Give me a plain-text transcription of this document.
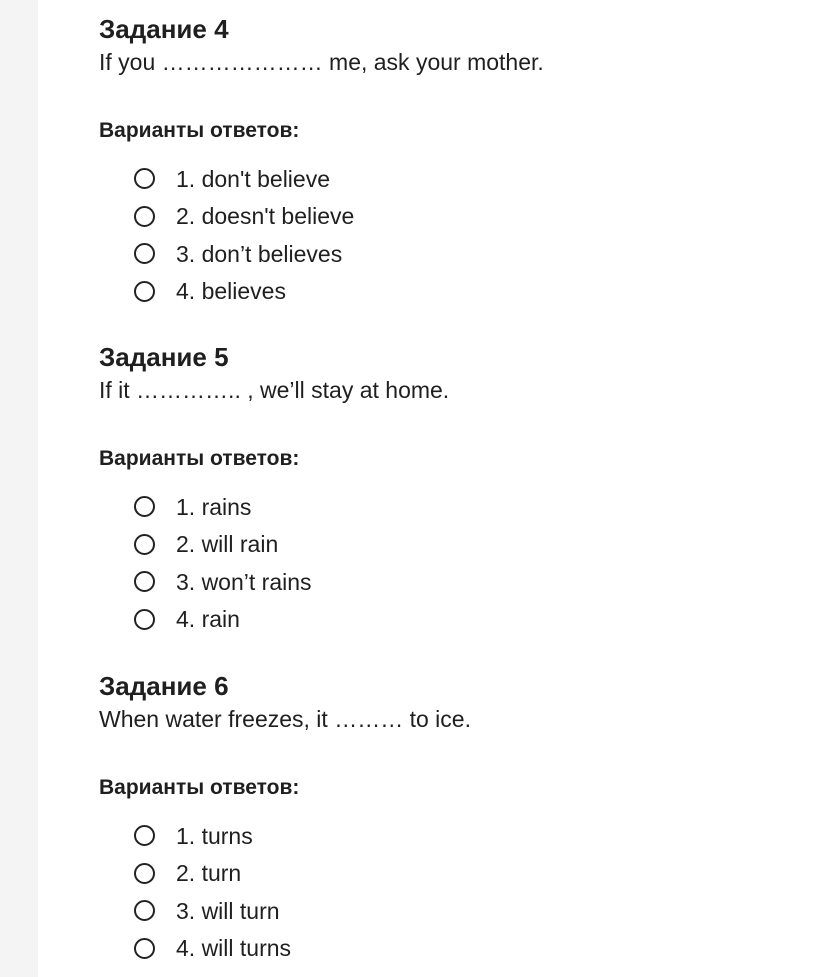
Задание 4
If you ………………… me, ask your mother.
Варианты ответов:
1. don't believe
2. doesn't believe
3. don’t believes
4. believes
Задание 5
If it ………….. , we’ll stay at home.
Варианты ответов:
1. rains
2. will rain
3. won’t rains
4. rain
Задание 6
When water freezes, it ……… to ice.
Варианты ответов:
1. turns
2. turn
3. will turn
4. will turns
